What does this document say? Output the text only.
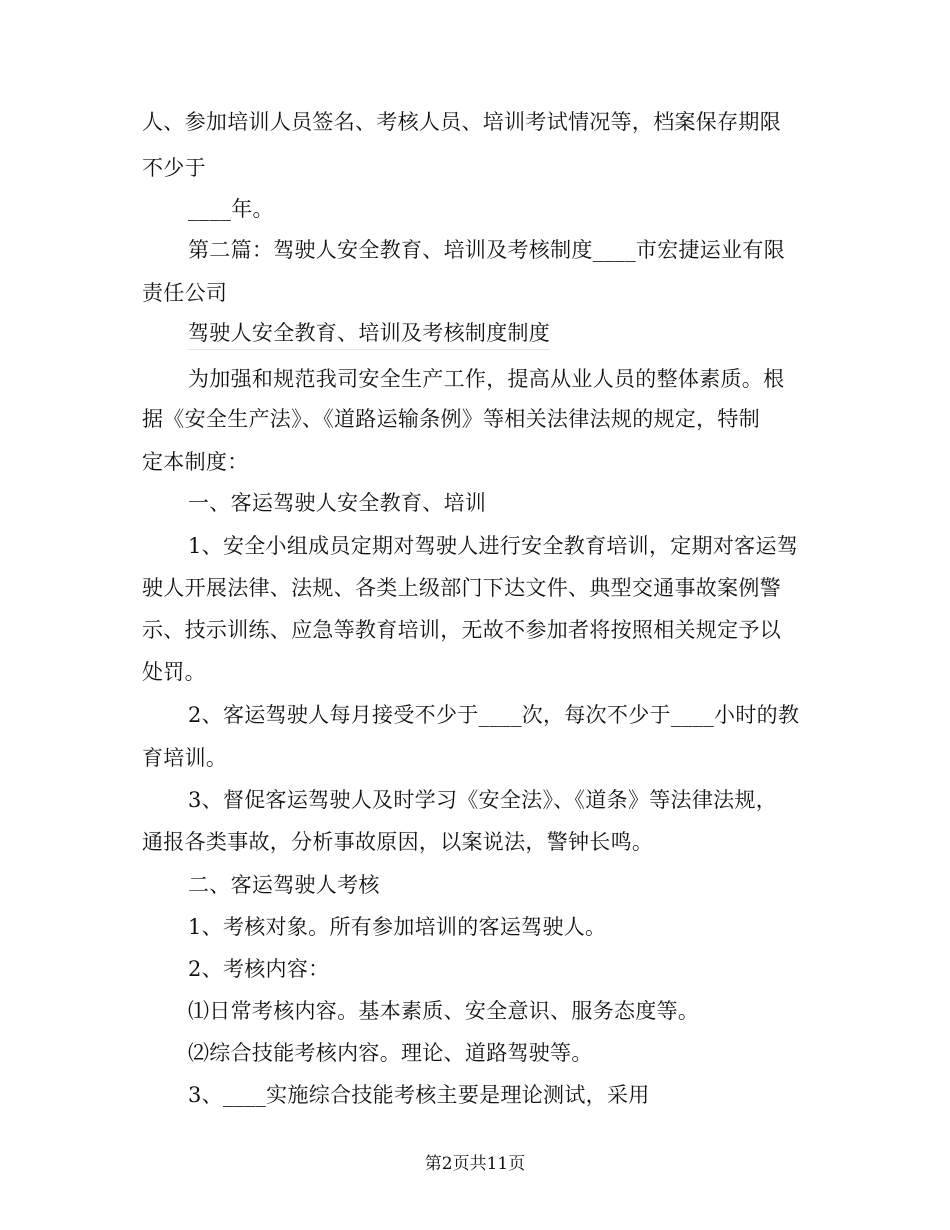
人、参加培训人员签名、考核人员、培训考试情况等，档案保存期限
不少于
____年。
第二篇：驾驶人安全教育、培训及考核制度____市宏捷运业有限
责任公司
驾驶人安全教育、培训及考核制度制度
为加强和规范我司安全生产工作，提高从业人员的整体素质。根
据《安全生产法》、《道路运输条例》等相关法律法规的规定，特制
定本制度：
一、客运驾驶人安全教育、培训
1、安全小组成员定期对驾驶人进行安全教育培训，定期对客运驾
驶人开展法律、法规、各类上级部门下达文件、典型交通事故案例警
示、技示训练、应急等教育培训，无故不参加者将按照相关规定予以
处罚。
2、客运驾驶人每月接受不少于____次，每次不少于____小时的教
育培训。
3、督促客运驾驶人及时学习《安全法》、《道条》等法律法规，
通报各类事故，分析事故原因，以案说法，警钟长鸣。
二、客运驾驶人考核
1、考核对象。所有参加培训的客运驾驶人。
2、考核内容：
⑴日常考核内容。基本素质、安全意识、服务态度等。
⑵综合技能考核内容。理论、道路驾驶等。
3、____实施综合技能考核主要是理论测试，采用
第2页共11页
